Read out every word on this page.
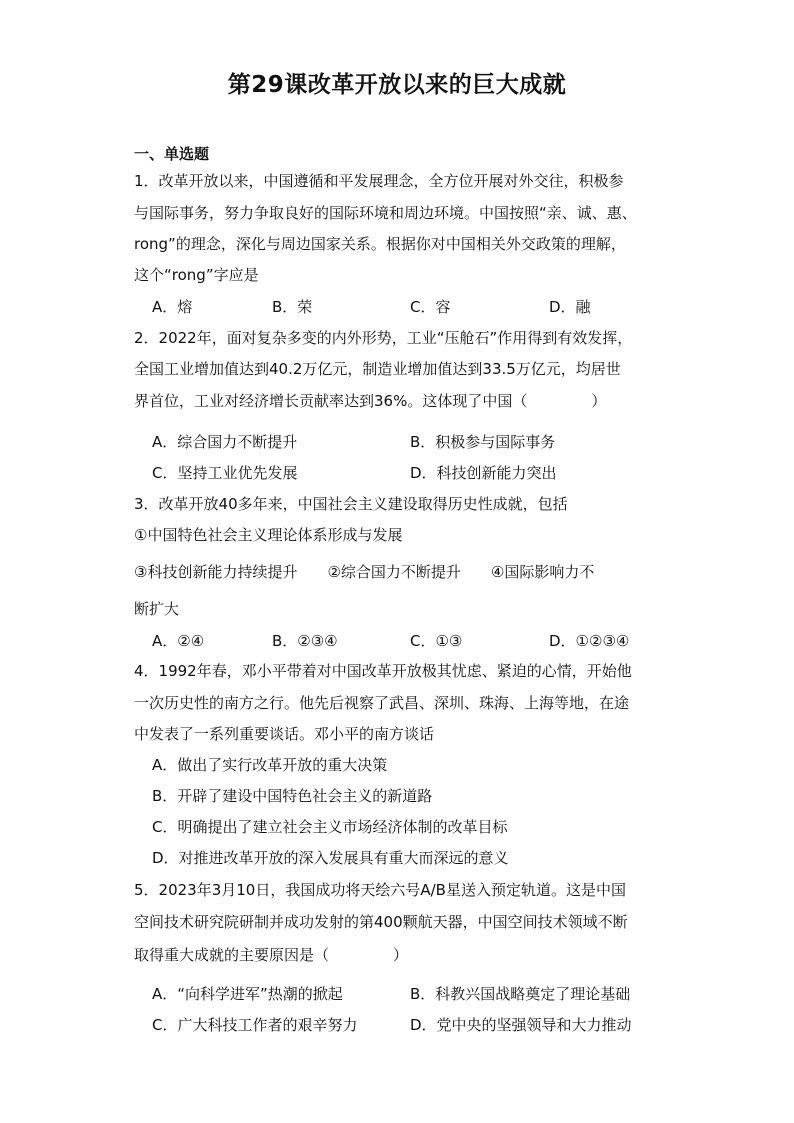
第29课改革开放以来的巨大成就
一、单选题
1．改革开放以来，中国遵循和平发展理念，全方位开展对外交往，积极参
与国际事务，努力争取良好的国际环境和周边环境。中国按照“亲、诚、惠、
rong”的理念，深化与周边国家关系。根据你对中国相关外交政策的理解，
这个“rong”字应是
A．熔	B．荣	C．容	D．融
2．2022年，面对复杂多变的内外形势，工业“压舱石”作用得到有效发挥，
全国工业增加值达到40.2万亿元，制造业增加值达到33.5万亿元，均居世
界首位，工业对经济增长贡献率达到36%。这体现了中国（	）
A．综合国力不断提升	B．积极参与国际事务
C．坚持工业优先发展	D．科技创新能力突出
3．改革开放40多年来，中国社会主义建设取得历史性成就，包括
①中国特色社会主义理论体系形成与发展
③科技创新能力持续提升　　②综合国力不断提升　　④国际影响力不
断扩大
A．②④	B．②③④	C．①③	D．①②③④
4．1992年春，邓小平带着对中国改革开放极其忧虑、紧迫的心情，开始他
一次历史性的南方之行。他先后视察了武昌、深圳、珠海、上海等地，在途
中发表了一系列重要谈话。邓小平的南方谈话
A．做出了实行改革开放的重大决策
B．开辟了建设中国特色社会主义的新道路
C．明确提出了建立社会主义市场经济体制的改革目标
D．对推进改革开放的深入发展具有重大而深远的意义
5．2023年3月10日，我国成功将天绘六号A/B星送入预定轨道。这是中国
空间技术研究院研制并成功发射的第400颗航天器，中国空间技术领域不断
取得重大成就的主要原因是（	）
A．“向科学进军”热潮的掀起	B．科教兴国战略奠定了理论基础
C．广大科技工作者的艰辛努力	D．党中央的坚强领导和大力推动
